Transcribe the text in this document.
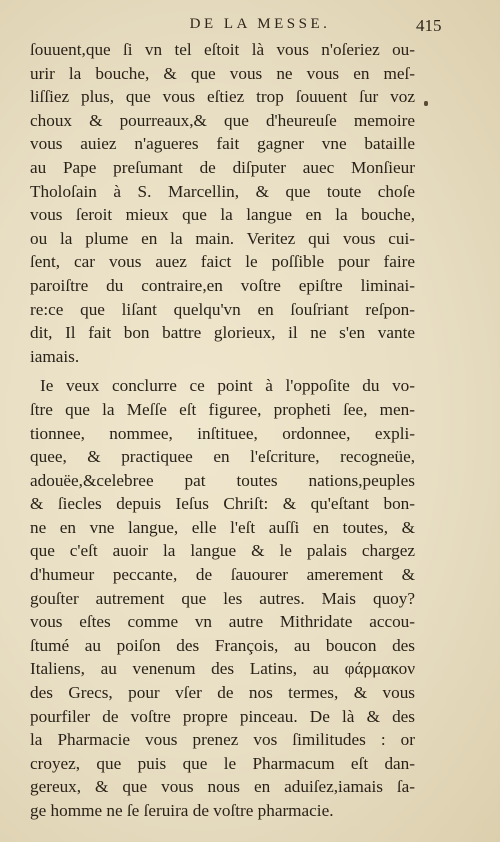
DE LA MESSE.	415
ſouuent,que ſi vn tel eſtoit là vous n'oſeriez ou-
urir la bouche, & que vous ne vous en meſ-
liſſiez plus, que vous eſtiez trop ſouuent ſur voz
choux & pourreaux,& que d'heureuſe memoire
vous auiez n'agueres fait gagner vne bataille
au Pape preſumant de diſputer auec Monſieur
Tholoſain à S. Marcellin, & que toute choſe
vous ſeroit mieux que la langue en la bouche,
ou la plume en la main. Veritez qui vous cui-
ſent, car vous auez faict le poſſible pour faire
paroiſtre du contraire,en voſtre epiſtre liminai-
re:ce que liſant quelqu'vn en ſouſriant reſpon-
dit, Il fait bon battre glorieux, il ne s'en vante
iamais.
Ie veux conclurre ce point à l'oppoſite du vo-
ſtre que la Meſſe eſt figuree, propheti ſee, men-
tionnee, nommee, inſtituee, ordonnee, expli-
quee, & practiquee en l'eſcriture, recogneüe,
adouëe,&celebree pat toutes nations,peuples
& ſiecles depuis Ieſus Chriſt: & qu'eſtant bon-
ne en vne langue, elle l'eſt auſſi en toutes, &
que c'eſt auoir la langue & le palais chargez
d'humeur peccante, de ſauourer amerement &
gouſter autrement que les autres. Mais quoy?
vous eſtes comme vn autre Mithridate accou-
ſtumé au poiſon des François, au boucon des
Italiens, au venenum des Latins, au φάρμακον
des Grecs, pour vſer de nos termes, & vous
pourfiler de voſtre propre pinceau. De là & des
la Pharmacie vous prenez vos ſimilitudes : or
croyez, que puis que le Pharmacum eſt dan-
gereux, & que vous nous en aduiſez,iamais ſa-
ge homme ne ſe ſeruira de voſtre pharmacie.
